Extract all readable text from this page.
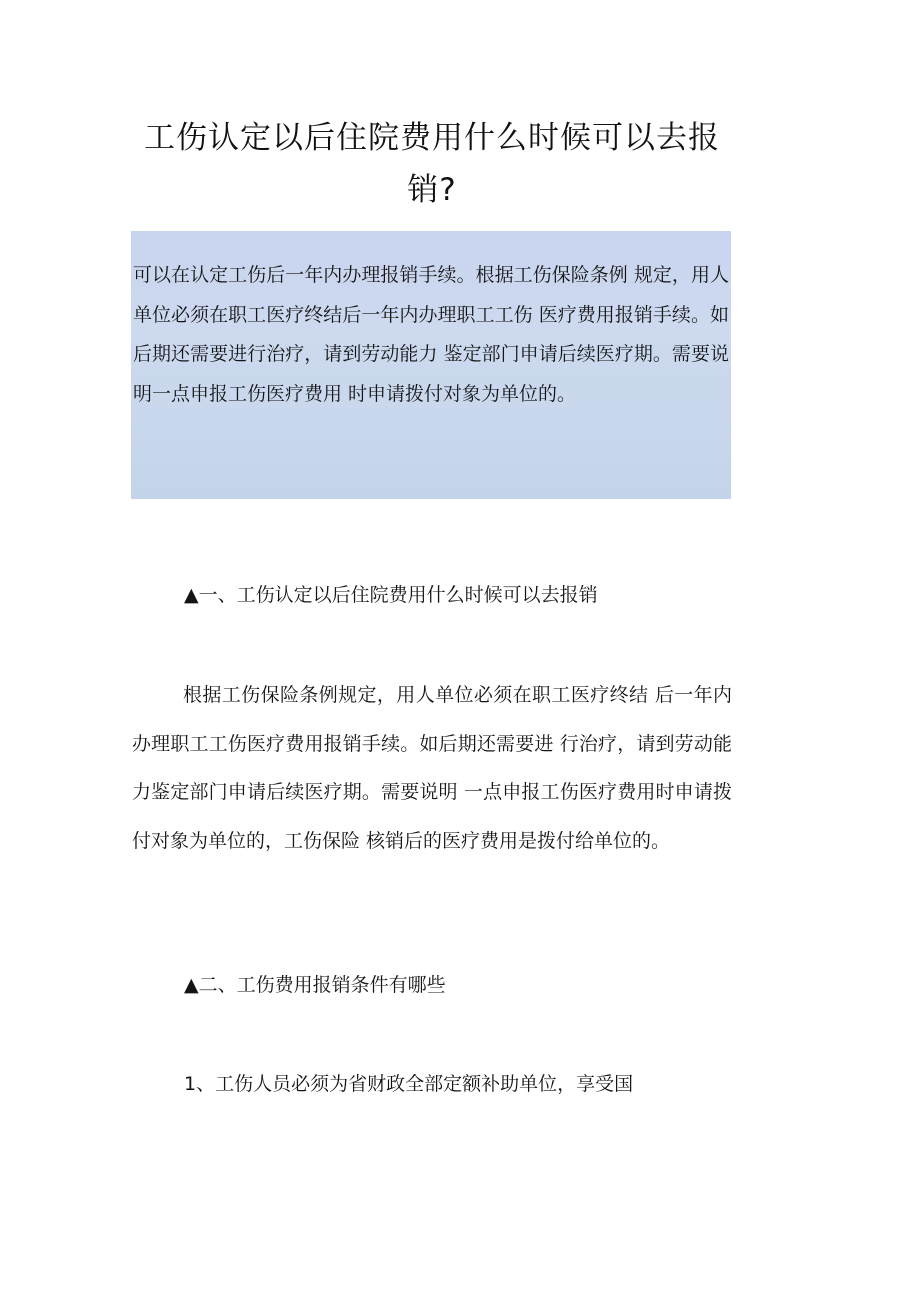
工伤认定以后住院费用什么时候可以去报销?
可以在认定工伤后一年内办理报销手续。根据工伤保险条例 规定，用人单位必须在职工医疗终结后一年内办理职工工伤 医疗费用报销手续。如后期还需要进行治疗，请到劳动能力 鉴定部门申请后续医疗期。需要说明一点申报工伤医疗费用 时申请拨付对象为单位的。
▲一、工伤认定以后住院费用什么时候可以去报销
根据工伤保险条例规定，用人单位必须在职工医疗终结 后一年内办理职工工伤医疗费用报销手续。如后期还需要进 行治疗，请到劳动能力鉴定部门申请后续医疗期。需要说明 一点申报工伤医疗费用时申请拨付对象为单位的，工伤保险 核销后的医疗费用是拨付给单位的。
▲二、工伤费用报销条件有哪些
1、工伤人员必须为省财政全部定额补助单位，享受国
